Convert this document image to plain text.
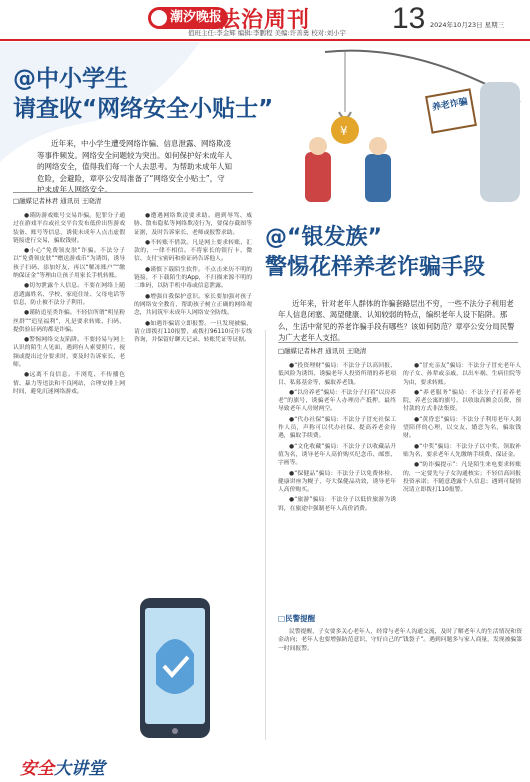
潮汐晚报
法治周刊	13 2024年10月23日 星期三
值班主任:李金辉 编辑:李鹏程 美编:许善勇 校对:刘小宇
@中小学生
请查收“网络安全小贴士”
近年来，中小学生遭受网络诈骗、信息泄露、网络欺凌等事件频发。网络安全问题较为突出。如何保护好未成年人的网络安全，值得我们每一个人去思考。为帮助未成年人知危险，会避险，章亭公安局准备了“网络安全小贴士”，守护未成年人网络安全。
□融媒记者林君 通讯员 王晓清

●谨防游戏账号交易诈骗。犯罪分子通过在游戏平台或社交平台发布低价出售游戏装备、账号等信息，诱使未成年人点击虚假链接进行交易，骗取钱财。

●小心“免费领皮肤”诈骗。不法分子以“免费领皮肤”“赠送游戏币”为诱饵，诱导孩子扫码、添加好友，再以“解冻账户”“缴纳保证金”等理由让孩子用家长手机转账。

●切勿泄露个人信息。不要在网络上随意透露姓名、学校、家庭住址、父母电话等信息，防止被不法分子利用。

●谨防追星类诈骗。不轻信所谓“明星粉丝群”“追星福利”，凡是要求转账、扫码、提供验证码的都是诈骗。

●警惕网络交友陷阱。不要轻易与网上认识的陌生人见面，遇到有人索要照片、视频或提出过分要求时，要及时告诉家长、老师。

●远离不良信息。不浏览、不传播色情、暴力等违法和不良网站，合理安排上网时间，避免沉迷网络游戏。

●遭遇网络欺凌要求助。遇到辱骂、威胁、散布隐私等网络欺凌行为，要保存截图等证据，及时告诉家长、老师或报警求助。

●不转账不借款。凡是网上要求转账、汇款的，一律不相信。不将家长的银行卡、微信、支付宝密码和验证码告诉他人。

●谨慎下载陌生软件。不点击来历不明的链接，不下载陌生的App，不扫描来源不明的二维码，以防手机中毒或信息泄露。

●增强自我保护意识。家长要加强对孩子的网络安全教育，帮助孩子树立正确的网络观念，共同筑牢未成年人网络安全防线。

●如遇诈骗请立即报警。一旦发现被骗，请立即拨打110报警，或拨打96110反诈专线咨询，并保留好聊天记录、转账凭证等证据。

@“银发族”
警惕花样养老诈骗手段
近年来，针对老年人群体的诈骗套路层出不穷，一些不法分子利用老年人信息闭塞、渴望健康、认知较弱的特点，编织老年人设下陷阱。那么，生活中常见的养老诈骗手段有哪些？该如何防范？章亭公安分局民警为广大老年人支招。
□融媒记者林君 通讯员 王晓清

●“投资理财”骗局：不法分子以高回报、低风险为诱饵，诱骗老年人投资所谓的养老项目、私募基金等，骗取养老钱。

●“以房养老”骗局：不法分子打着“以房养老”的旗号，诱骗老年人办理房产抵押，最终导致老年人房财两空。

●“代办社保”骗局：不法分子冒充社保工作人员，声称可以代办社保、提高养老金待遇，骗取手续费。

●“文化收藏”骗局：不法分子以收藏品升值为名，诱导老年人高价购买纪念币、邮票、字画等。

●“保健品”骗局：不法分子以免费体检、健康讲座为幌子，夸大保健品功效，诱导老年人高价购买。

●“旅游”骗局：不法分子以低价旅游为诱饵，在旅途中强制老年人高价消费。

●“冒充亲友”骗局：不法分子冒充老年人的子女、孙辈或亲戚，以出车祸、生病住院等为由，要求转账。

●“养老服务”骗局：不法分子打着养老院、养老公寓的旗号，以收取高额会员费、预付款的方式非法集资。

●“黄昏恋”骗局：不法分子利用老年人渴望陪伴的心理，以交友、婚恋为名，骗取钱财。

●“中奖”骗局：不法分子以中奖、领取补贴为名，要求老年人先缴纳手续费、保证金。

●“防诈骗提示”：凡是陌生来电要求转账的，一定要先与子女沟通核实；不轻信高回报投资承诺；不随意透露个人信息；遇到可疑情况请立即拨打110报警。

□民警提醒

民警提醒，子女要多关心老年人，经常与老年人沟通交流，及时了解老年人的生活情况和资金动向；老年人也要增强防范意识，守好自己的“钱袋子”。遇到问题多与家人商量，发现被骗第一时间报警。

¥
养老诈骗
安全大讲堂
